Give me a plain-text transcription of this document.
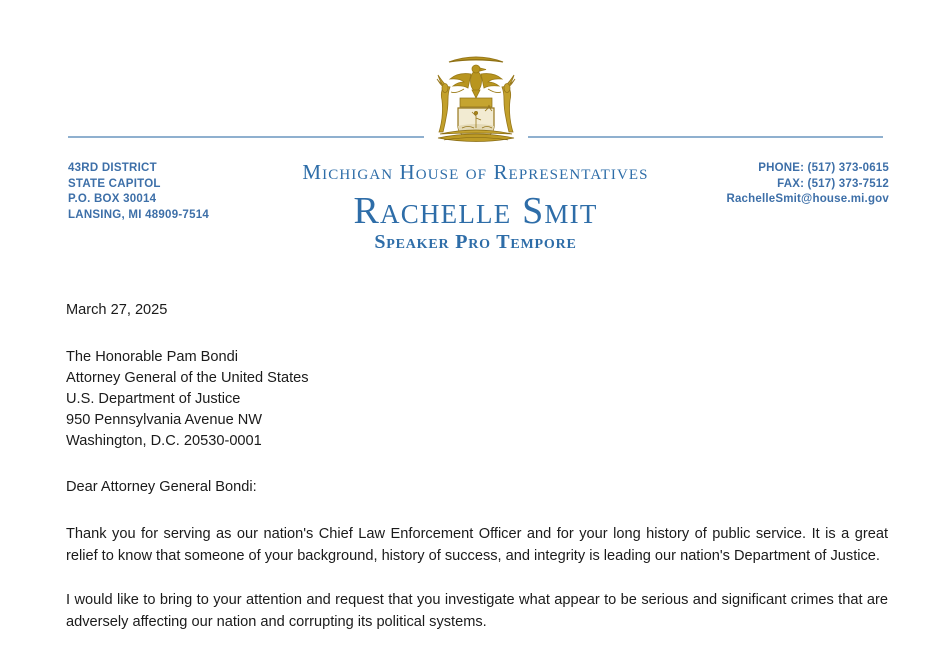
43RD DISTRICT
STATE CAPITOL
P.O. BOX 30014
LANSING, MI 48909-7514
PHONE: (517) 373-0615
FAX: (517) 373-7512
RachelleSmit@house.mi.gov
Michigan House of Representatives
Rachelle Smit
Speaker Pro Tempore

March 27, 2025

The Honorable Pam Bondi

Attorney General of the United States

U.S. Department of Justice

950 Pennsylvania Avenue NW

Washington, D.C. 20530-0001

Dear Attorney General Bondi:

Thank you for serving as our nation's Chief Law Enforcement Officer and for your long history of public service. It is a great relief to know that someone of your background, history of success, and integrity is leading our nation's Department of Justice.

I would like to bring to your attention and request that you investigate what appear to be serious and significant crimes that are adversely affecting our nation and corrupting its political systems.
